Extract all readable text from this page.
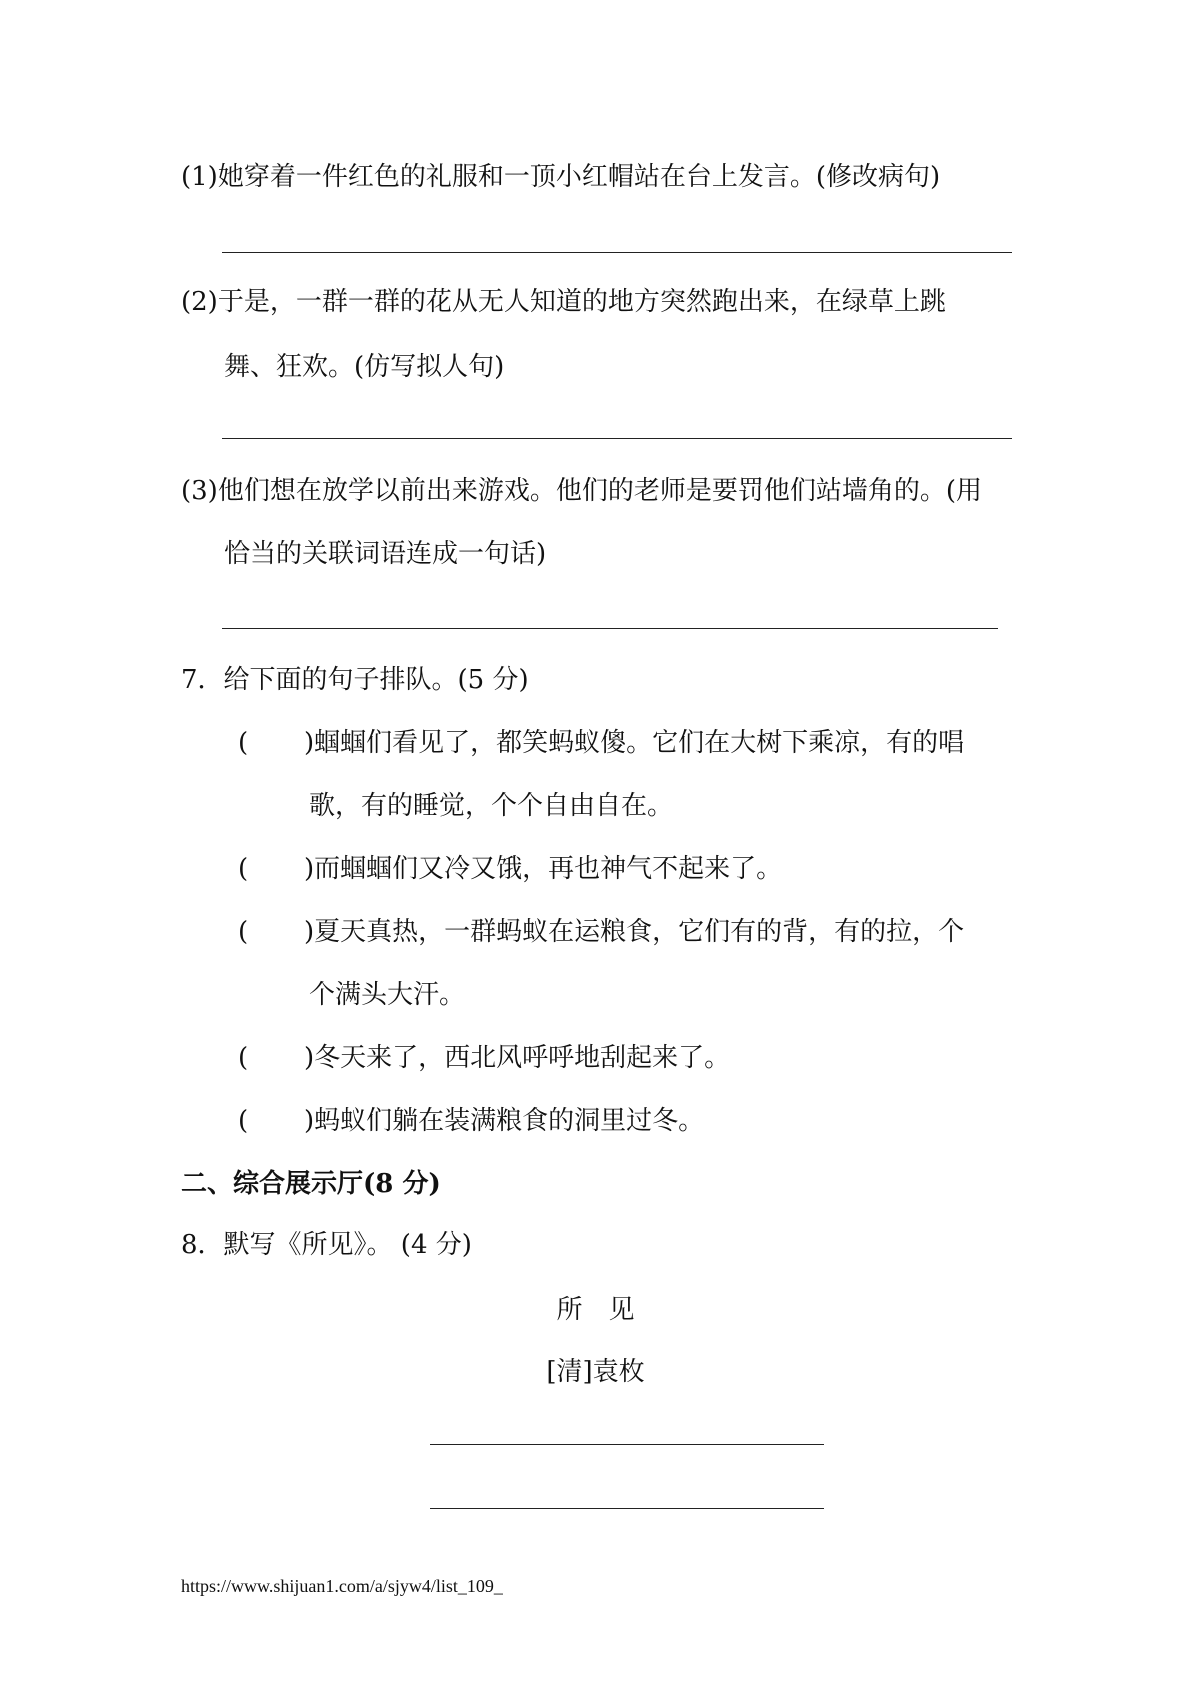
(1)她穿着一件红色的礼服和一顶小红帽站在台上发言。(修改病句)
(2)于是，一群一群的花从无人知道的地方突然跑出来，在绿草上跳
舞、狂欢。(仿写拟人句)
(3)他们想在放学以前出来游戏。他们的老师是要罚他们站墙角的。(用
恰当的关联词语连成一句话)
7．给下面的句子排队。(5 分)
( )蝈蝈们看见了，都笑蚂蚁傻。它们在大树下乘凉，有的唱
歌，有的睡觉，个个自由自在。
( )而蝈蝈们又冷又饿，再也神气不起来了。
( )夏天真热，一群蚂蚁在运粮食，它们有的背，有的拉，个
个满头大汗。
( )冬天来了，西北风呼呼地刮起来了。
( )蚂蚁们躺在装满粮食的洞里过冬。
二、综合展示厅(8 分)
8．默写《所见》。 (4 分)
所　见
[清]袁枚
https://www.shijuan1.com/a/sjyw4/list_109_
